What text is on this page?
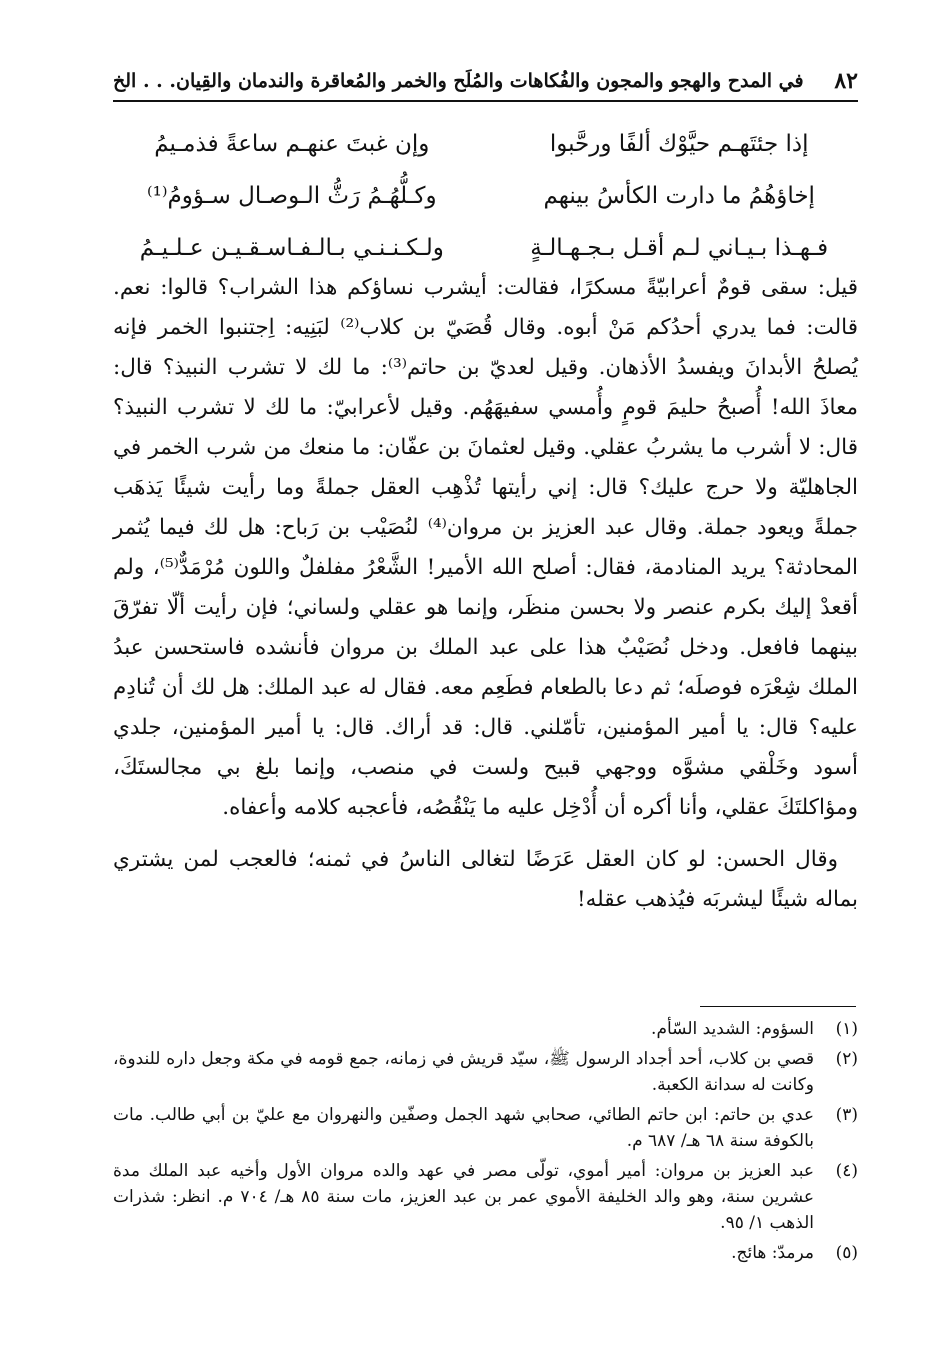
٨٢
في المدح والهجو والمجون والفُكاهات والمُلَح والخمر والمُعاقرة والندمان والقِيان. . . الخ
إذا جئتَهـم حيَّوْك ألفًا ورحَّبوا
وإن غبتَ عنهـم ساعةً فذمـيمُ
إخاؤهُمُ ما دارت الكأسُ بينهم
وكـلُّهُـمُ رَثُّ الـوصـال سـؤومُ⁽¹⁾
فـهـذا بـيـاني لـم أقـل بـجـهـالـةٍ
ولـكـنـنـي بـالـفـاسـقـيـن عـلـيـمُ

قيل: سقى قومٌ أعرابيّةً مسكرًا، فقالت: أيشرب نساؤكم هذا الشراب؟ قالوا: نعم. قالت: فما يدري أحدُكم مَنْ أبوه. وقال قُصَيّ بن كلاب⁽²⁾ لبَنِيه: اِجتنبوا الخمر فإنه يُصلحُ الأبدانَ ويفسدُ الأذهان. وقيل لعديّ بن حاتم⁽³⁾: ما لك لا تشرب النبيذ؟ قال: معاذَ الله! أُصبحُ حليمَ قومٍ وأُمسي سفيهَهُم. وقيل لأعرابيّ: ما لك لا تشرب النبيذ؟ قال: لا أشرب ما يشربُ عقلي. وقيل لعثمانَ بن عفّان: ما منعك من شرب الخمر في الجاهليّة ولا حرج عليك؟ قال: إني رأيتها تُذْهِب العقل جملةً وما رأيت شيئًا يَذهَب جملةً ويعود جملة. وقال عبد العزيز بن مروان⁽⁴⁾ لنُصَيْب بن رَباح: هل لك فيما يُثمر المحادثة؟ يريد المنادمة، فقال: أصلح الله الأمير! الشَّعْرُ مفلفلٌ واللون مُرْمَدٌّ⁽⁵⁾، ولم أقعدْ إليك بكرم عنصر ولا بحسن منظَر، وإنما هو عقلي ولساني؛ فإن رأيت ألّا تفرّقَ بينهما فافعل. ودخل نُصَيْبٌ هذا على عبد الملك بن مروان فأنشده فاستحسن عبدُ الملك شِعْرَه فوصلَه؛ ثم دعا بالطعام فطَعِم معه. فقال له عبد الملك: هل لك أن تُنادِم عليه؟ قال: يا أمير المؤمنين، تأمّلني. قال: قد أراك. قال: يا أمير المؤمنين، جلدي أسود وخَلْقي مشوَّه ووجهي قبيح ولست في منصب، وإنما بلغ بي مجالستَكَ، ومؤاكلتَكَ عقلي، وأنا أكره أن أُدْخِل عليه ما يَنْقُصُه، فأعجبه كلامه وأعفاه.

وقال الحسن: لو كان العقل عَرَضًا لتغالى الناسُ في ثمنه؛ فالعجب لمن يشتري بماله شيئًا ليشربَه فيُذهب عقله!

(١)
السؤوم: الشديد السّأم.
(٢)
قصي بن كلاب، أحد أجداد الرسول ﷺ، سيّد قريش في زمانه، جمع قومه في مكة وجعل داره للندوة، وكانت له سدانة الكعبة.
(٣)
عدي بن حاتم: ابن حاتم الطائي، صحابي شهد الجمل وصفّين والنهروان مع عليّ بن أبي طالب. مات بالكوفة سنة ٦٨ هـ/ ٦٨٧ م.
(٤)
عبد العزيز بن مروان: أمير أموي، تولّى مصر في عهد والده مروان الأول وأخيه عبد الملك مدة عشرين سنة، وهو والد الخليفة الأموي عمر بن عبد العزيز، مات سنة ٨٥ هـ/ ٧٠٤ م. انظر: شذرات الذهب ١/ ٩٥.
(٥)
مرمدّ: هائج.
